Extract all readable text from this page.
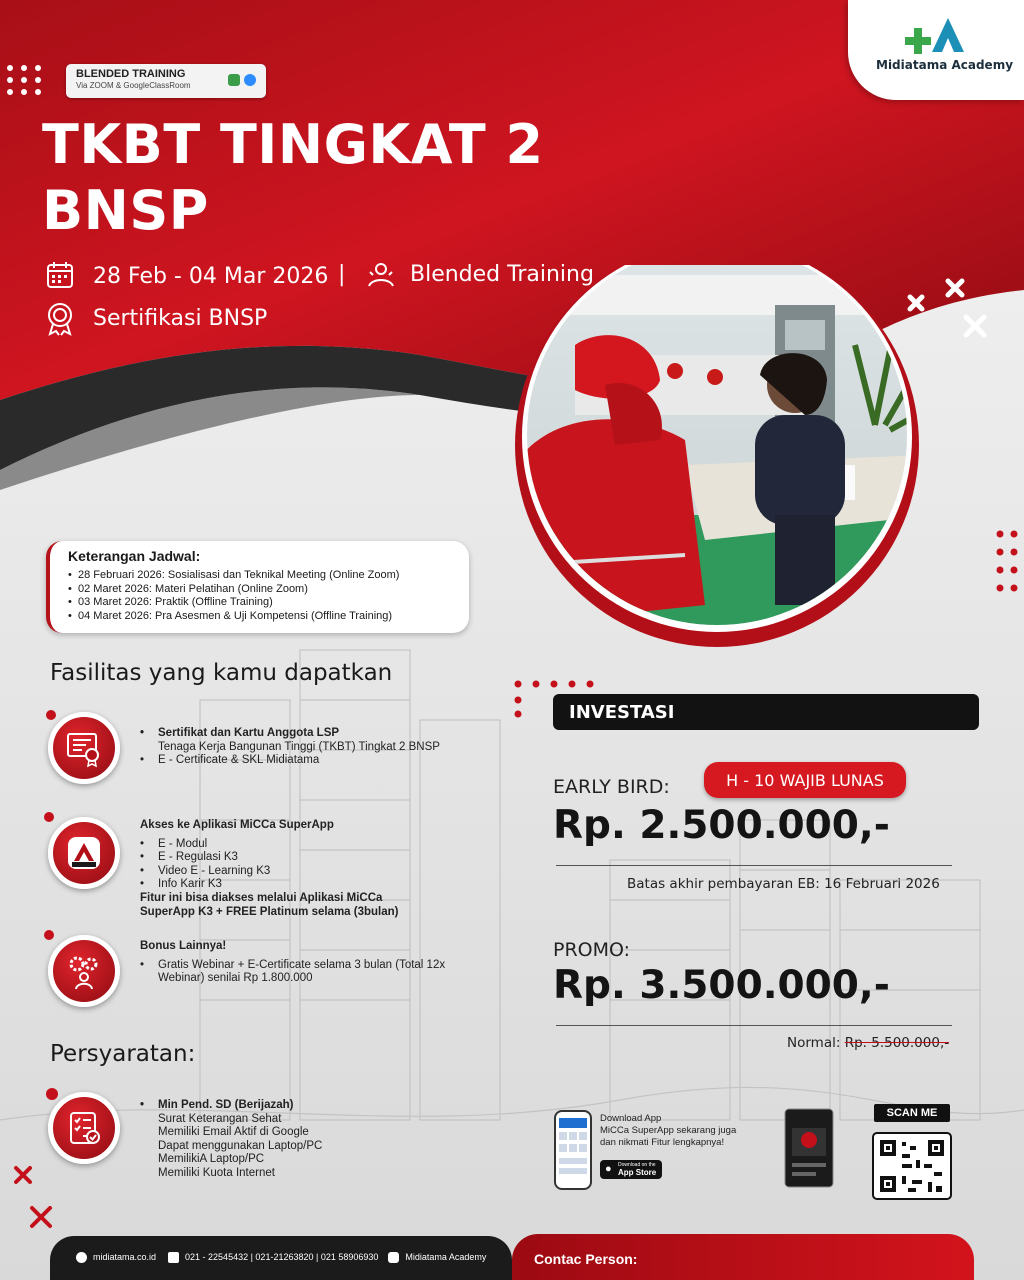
BLENDED TRAINING
Via ZOOM & GoogleClassRoom
Midiatama Academy
TKBT TINGKAT 2
BNSP
28 Feb - 04 Mar 2026 |	Blended Training
Sertifikasi BNSP
Keterangan Jadwal:
• 28 Februari 2026: Sosialisasi dan Teknikal Meeting (Online Zoom)
• 02 Maret 2026: Materi Pelatihan (Online Zoom)
• 03 Maret 2026: Praktik (Offline Training)
• 04 Maret 2026: Pra Asesmen & Uji Kompetensi (Offline Training)
Fasilitas yang kamu dapatkan
• Sertifikat dan Kartu Anggota LSP
Tenaga Kerja Bangunan Tinggi (TKBT) Tingkat 2 BNSP
• E - Certificate & SKL Midiatama
Akses ke Aplikasi MiCCa SuperApp
• E - Modul
• E - Regulasi K3
• Video E - Learning K3
• Info Karir K3
Fitur ini bisa diakses melalui Aplikasi MiCCa
SuperApp K3 + FREE Platinum selama (3bulan)
Bonus Lainnya!
• Gratis Webinar + E-Certificate selama 3 bulan (Total 12x
Webinar) senilai Rp 1.800.000
Persyaratan:
• Min Pend. SD (Berijazah)
Surat Keterangan Sehat
Memiliki Email Aktif di Google
Dapat menggunakan Laptop/PC
MemilikiA Laptop/PC
Memiliki Kuota Internet
INVESTASI
H - 10 WAJIB LUNAS
EARLY BIRD:
Rp. 2.500.000,-
Batas akhir pembayaran EB: 16 Februari 2026
PROMO:
Rp. 3.500.000,-
Normal: Rp. 5.500.000,-
Download App
MiCCa SuperApp sekarang juga
dan nikmati Fitur lengkapnya!
● Download on the
App Store
SCAN ME
midiatama.co.id	021 - 22545432 | 021-21263820 | 021 58906930	Midiatama Academy	Contac Person:
